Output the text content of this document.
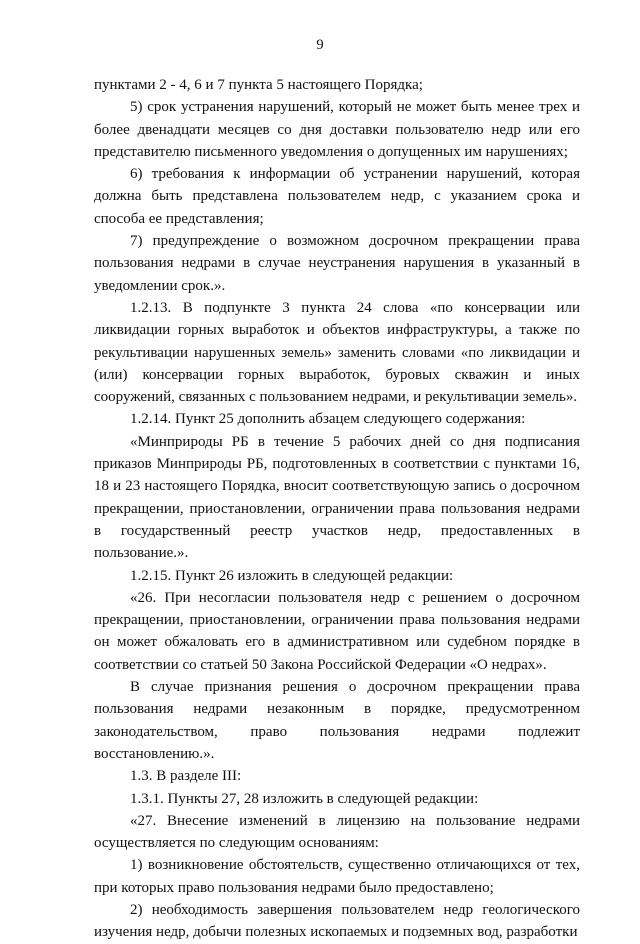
9

пунктами 2 - 4, 6 и 7 пункта 5 настоящего Порядка;

5) срок устранения нарушений, который не может быть менее трех и более двенадцати месяцев со дня доставки пользователю недр или его представителю письменного уведомления о допущенных им нарушениях;

6) требования к информации об устранении нарушений, которая должна быть представлена пользователем недр, с указанием срока и способа ее представления;

7) предупреждение о возможном досрочном прекращении права пользования недрами в случае неустранения нарушения в указанный в уведомлении срок.».

1.2.13. В подпункте 3 пункта 24 слова «по консервации или ликвидации горных выработок и объектов инфраструктуры, а также по рекультивации нарушенных земель» заменить словами «по ликвидации и (или) консервации горных выработок, буровых скважин и иных сооружений, связанных с пользованием недрами, и рекультивации земель».

1.2.14. Пункт 25 дополнить абзацем следующего содержания:

«Минприроды РБ в течение 5 рабочих дней со дня подписания приказов Минприроды РБ, подготовленных в соответствии с пунктами 16, 18 и 23 настоящего Порядка, вносит соответствующую запись о досрочном прекращении, приостановлении, ограничении права пользования недрами в государственный реестр участков недр, предоставленных в пользование.».

1.2.15. Пункт 26 изложить в следующей редакции:

«26. При несогласии пользователя недр с решением о досрочном прекращении, приостановлении, ограничении права пользования недрами он может обжаловать его в административном или судебном порядке в соответствии со статьей 50 Закона Российской Федерации «О недрах».

В случае признания решения о досрочном прекращении права пользования недрами незаконным в порядке, предусмотренном законодательством, право пользования недрами подлежит восстановлению.».

1.3. В разделе III:

1.3.1. Пункты 27, 28 изложить в следующей редакции:

«27. Внесение изменений в лицензию на пользование недрами осуществляется по следующим основаниям:

1) возникновение обстоятельств, существенно отличающихся от тех, при которых право пользования недрами было предоставлено;

2) необходимость завершения пользователем недр геологического изучения недр, добычи полезных ископаемых и подземных вод, разработки
